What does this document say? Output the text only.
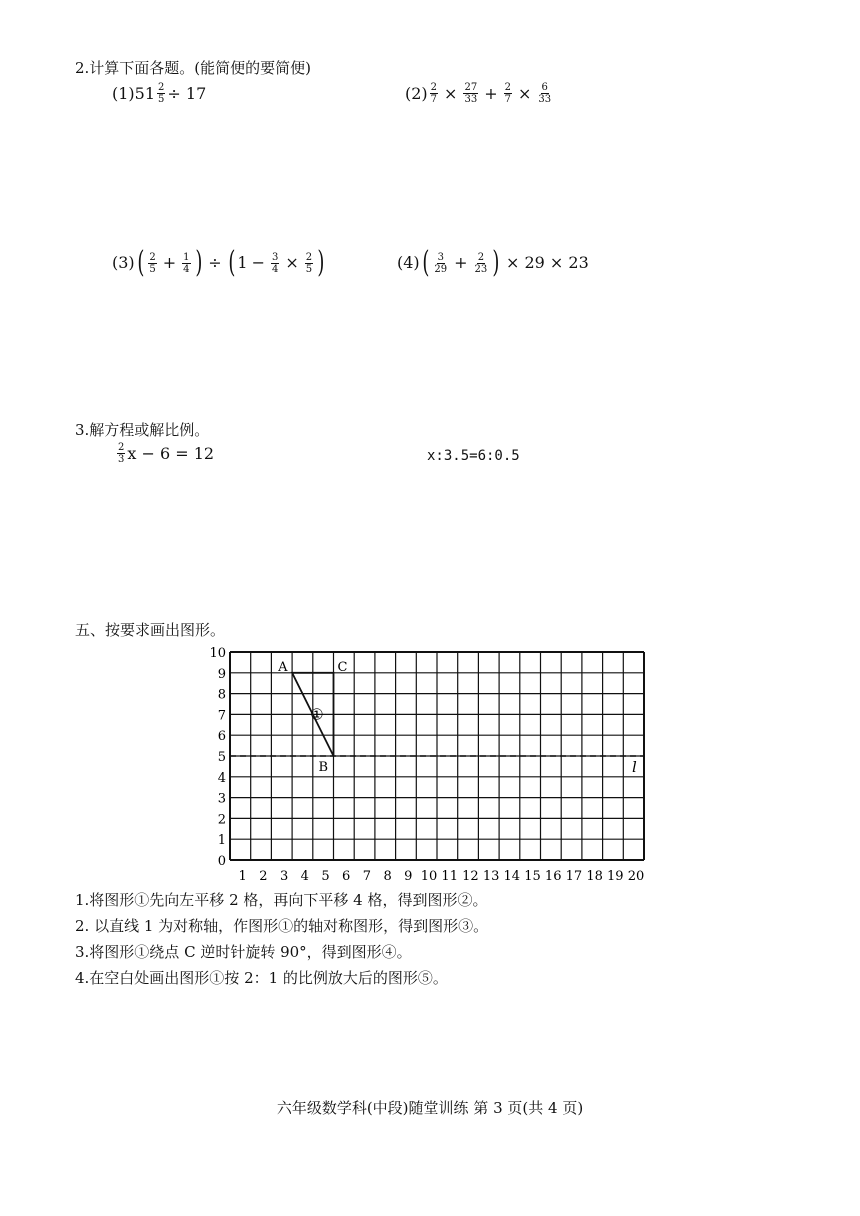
2.计算下面各题。(能简便的要简便)
(1) $51 \frac{2}{5} \div 17$	$(2) \frac{2}{7} \times \frac{27}{33} + \frac{2}{7} \times \frac{6}{33}$
(3) ( $\frac{2}{5} + \frac{1}{4}$ ) ÷ ( $1 - \frac{3}{4} \times \frac{2}{5}$ )	(4) ( $\frac{3}{29} + \frac{2}{23}$ ) × 29 × 23
3.解方程或解比例。
$\frac{2}{3}$ x − 6 = 12	x:3.5=6:0.5
五、按要求画出图形。
0
1
2
3
4
5
6
7
8
9
10
1 2 3 4 5 6 7 8 9 10 11 12 13 14 15 16 17 18 19 20
A
B
C
①
l
1.将图形①先向左平移 2 格，再向下平移 4 格，得到图形②。
2. 以直线 1 为对称轴，作图形①的轴对称图形，得到图形③。
3.将图形①绕点 C 逆时针旋转 90°，得到图形④。
4.在空白处画出图形①按 2：1 的比例放大后的图形⑤。
六年级数学科(中段)随堂训练 第 3 页(共 4 页)
